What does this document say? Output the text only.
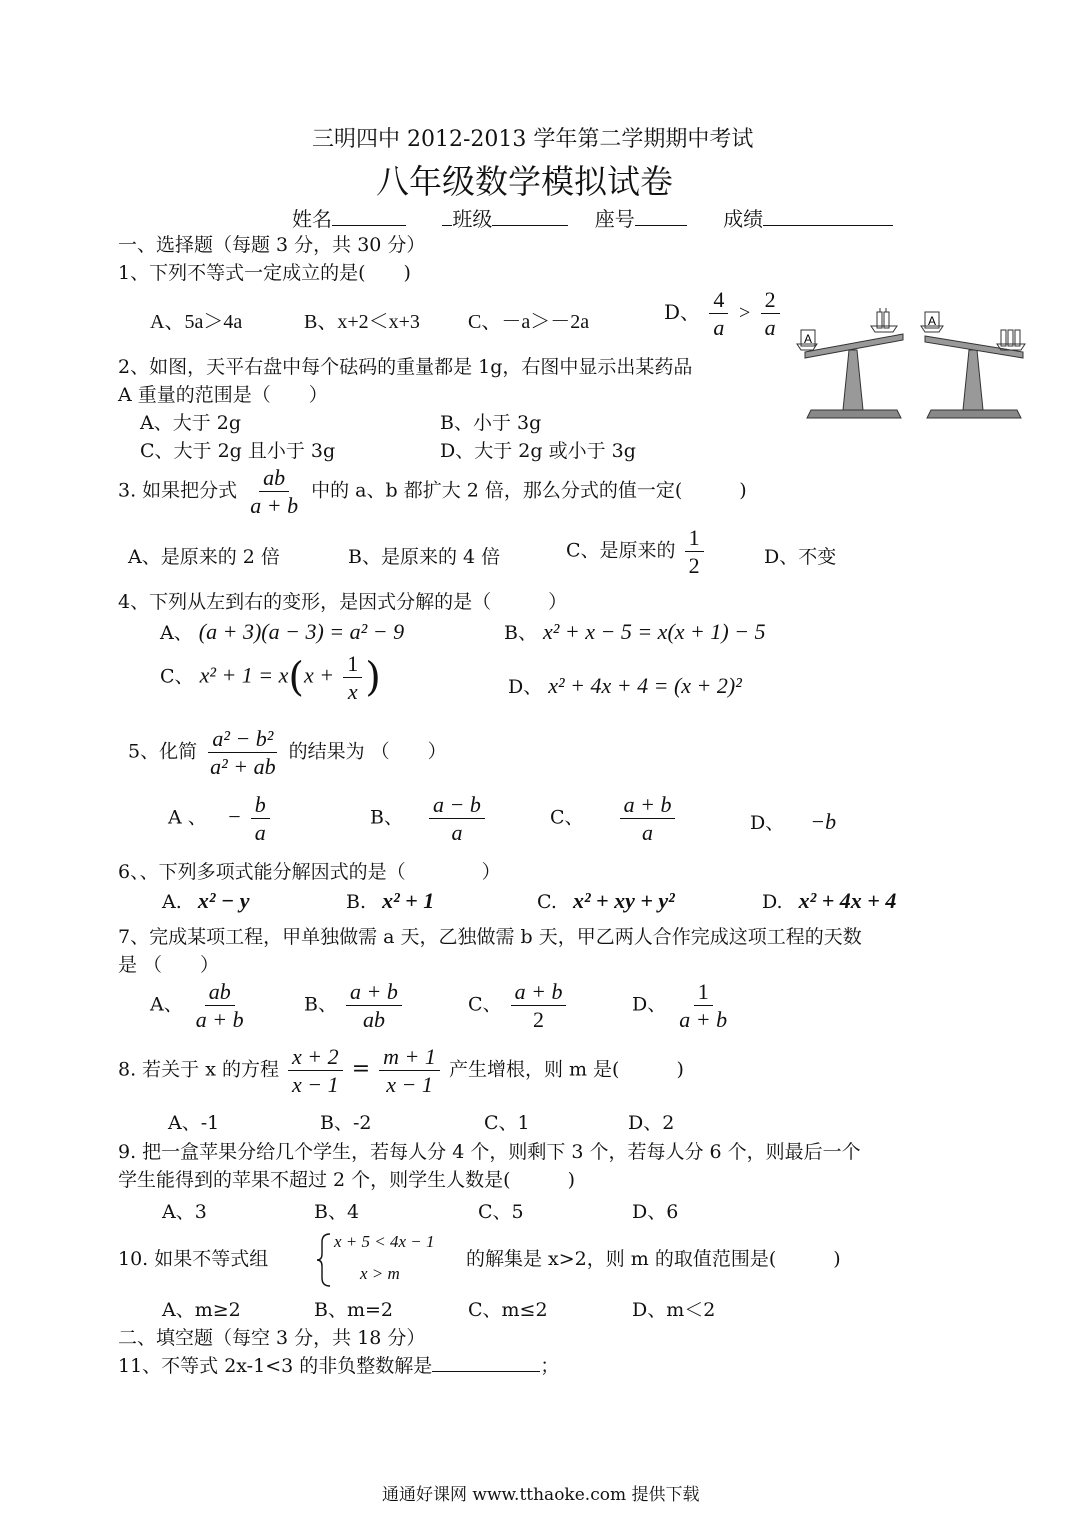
三明四中 2012-2013 学年第二学期期中考试
八年级数学模拟试卷
姓名	班级	座号	成绩
一、选择题（每题 3 分，共 30 分）
1、下列不等式一定成立的是(　　)
A、5a＞4a	B、x+2＜x+3 C、－a＞－2a	D、 $\frac{4}{a} > \frac{2}{a}$ A
A
2、如图，天平右盘中每个砝码的重量都是 1g，右图中显示出某药品
A 重量的范围是（　　）
A、大于 2g	B、小于 3g
C、大于 2g 且小于 3g	D、大于 2g 或小于 3g
3. 如果把分式 $\frac{ab}{a + b}$ 中的 a、b 都扩大 2 倍，那么分式的值一定(　　　)
A、是原来的 2 倍	B、是原来的 4 倍	C、是原来的 $\frac{1}{2}$	D、不变
4、下列从左到右的变形，是因式分解的是（　　　）
A、 (a + 3)(a − 3) = a² − 9	B、 x² + x − 5 = x(x + 1) − 5
C、 $x^2 + 1 = x(x + \frac{1}{x}$ )	D、 x² + 4x + 4 = (x + 2)²
5、化简 $\frac{\text{a² − b²}}{\text{a² + ab}}$ 的结果为 （　　）
A 、 − $\frac{b}{a}$	B、 $\frac{a - b}{a}$	C、 $\frac{a + b}{a}$	D、 −b
6、、下列多项式能分解因式的是（　　　　）
A. x² − y	B. x² + 1	C. x² + xy + y²	D. x² + 4x + 4
7、完成某项工程，甲单独做需 a 天，乙独做需 b 天，甲乙两人合作完成这项工程的天数
是 （　　）
A、 $\frac{ab}{a + b}$	B、 $\frac{a + b}{ab}$	C、 $\frac{a + b}{2}$	D、 $\frac{1}{a + b}$
8. 若关于 x 的方程 $\frac{x + 2}{x - 1} = \frac{m + 1}{x - 1}$ 产生增根，则 m 是(　　　)
A、-1	B、-2	C、1	D、2
9. 把一盒苹果分给几个学生，若每人分 4 个，则剩下 3 个，若每人分 6 个，则最后一个
学生能得到的苹果不超过 2 个，则学生人数是(　　　)
A、3	B、4	C、5	D、6
10. 如果不等式组
x + 5 < 4x − 1
x > m
的解集是 x>2，则 m 的取值范围是(　　　)
A、m≥2	B、m=2	C、m≤2	D、m＜2
二、填空题（每空 3 分，共 18 分）
11、不等式 2x-1<3 的非负整数解是	；
通通好课网 www.tthaoke.com 提供下载
